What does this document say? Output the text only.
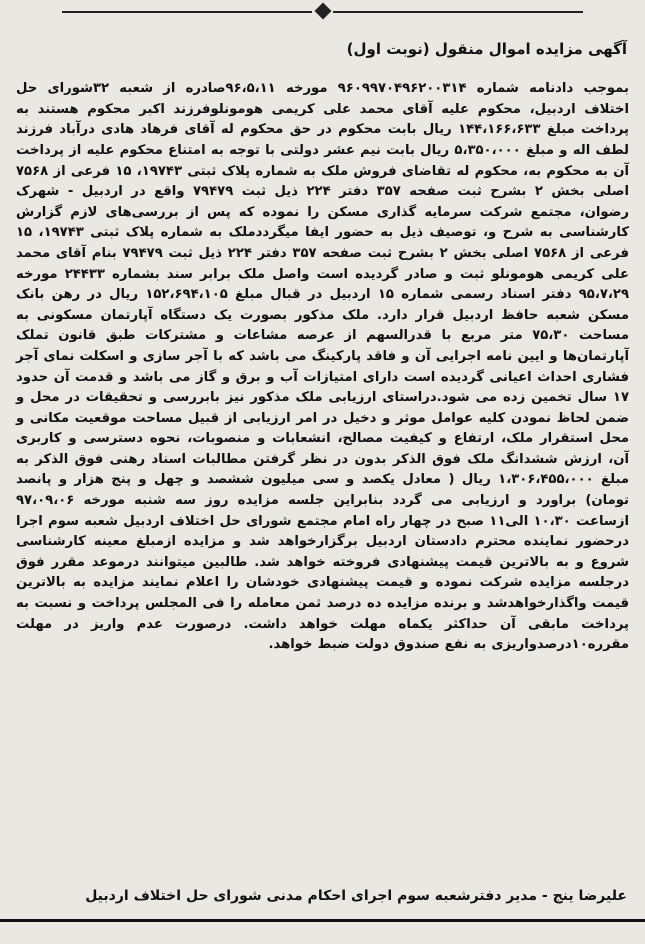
آگهی مزایده اموال منقول (نوبت اول)

بموجب دادنامه شماره ۹۶۰۹۹۷۰۴۹۶۲۰۰۳۱۴ مورخه ۹۶،۵،۱۱صادره از شعبه ۳۲شورای حل اختلاف اردبیل، محکوم علیه آقای محمد علی کریمی هومونلوفرزند اکبر محکوم هستند به پرداخت مبلغ ۱۴۴،۱۶۶،۶۳۳ ریال بابت محکوم در حق محکوم له آقای فرهاد هادی درآباد فرزند لطف اله و مبلغ ۵،۳۵۰،۰۰۰ ریال بابت نیم عشر دولتی با توجه به امتناع محکوم علیه از پرداخت آن به محکوم به، محکوم له تقاضای فروش ملک به شماره پلاک ثبتی ۱۹۷۴۳، ۱۵ فرعی از ۷۵۶۸ اصلی بخش ۲ بشرح ثبت صفحه ۳۵۷ دفتر ۲۲۴ ذیل ثبت ۷۹۴۷۹ واقع در اردبیل - شهرک رضوان، مجتمع شرکت سرمایه گذاری مسکن را نموده که پس از بررسی‌های لازم گزارش کارشناسی به شرح و، توصیف ذیل به حضور ایفا میگرددملک به شماره پلاک ثبتی ۱۹۷۴۳، ۱۵ فرعی از ۷۵۶۸ اصلی بخش ۲ بشرح ثبت صفحه ۳۵۷ دفتر ۲۲۴ ذیل ثبت ۷۹۴۷۹ بنام آقای محمد علی کریمی هومونلو ثبت و صادر گردیده است واصل ملک برابر سند بشماره ۲۴۴۳۳ مورخه ۹۵،۷،۲۹ دفتر اسناد رسمی شماره ۱۵ اردبیل در قبال مبلغ ۱۵۲،۶۹۴،۱۰۵ ریال در رهن بانک مسکن شعبه حافظ اردبیل قرار دارد. ملک مذکور بصورت یک دستگاه آپارتمان مسکونی به مساحت ۷۵،۳۰ متر مربع با قدرالسهم از عرصه مشاعات و مشترکات طبق قانون تملک آپارتمان‌ها و ایین نامه اجرایی آن و فاقد پارکینگ می باشد که با آجر سازی و اسکلت نمای آجر فشاری احداث اعیانی گردیده است دارای امتیازات آب و برق و گاز می باشد و قدمت آن حدود ۱۷ سال تخمین زده می شود.دراستای ارزیابی ملک مذکور نیز بابررسی و تحقیقات در محل و ضمن لحاظ نمودن کلیه عوامل موثر و دخیل در امر ارزیابی از قبیل مساحت موقعیت مکانی و محل استقرار ملک، ارتفاع و کیفیت مصالح، انشعابات و منصوبات، نحوه دسترسی و کاربری آن، ارزش ششدانگ ملک فوق الذکر بدون در نظر گرفتن مطالبات اسناد رهنی فوق الذکر به مبلغ ۱،۳۰۶،۴۵۵،۰۰۰ ریال ( معادل یکصد و سی میلیون ششصد و چهل و پنج هزار و پانصد تومان) براورد و ارزیابی می گردد بنابراین جلسه مزایده روز سه شنبه مورخه ۹۷،۰۹،۰۶ ازساعت ۱۰،۳۰ الی۱۱ صبح در چهار راه امام مجتمع شورای حل اختلاف اردبیل شعبه سوم اجرا درحضور نماینده محترم دادستان اردبیل برگزارخواهد شد و مزایده ازمبلغ معینه کارشناسی شروع و به بالاترین قیمت پیشنهادی فروخته خواهد شد. طالبین میتوانند درموعد مقرر فوق درجلسه مزایده شرکت نموده و قیمت پیشنهادی خودشان را اعلام نمایند مزایده به بالاترین قیمت واگذارخواهدشد و برنده مزایده ده درصد ثمن معامله را فی المجلس پرداخت و نسبت به پرداخت مابقی آن حداکثر یکماه مهلت خواهد داشت. درصورت عدم واریز در مهلت مقرره۱۰درصدواریزی به نفع صندوق دولت ضبط خواهد.

علیرضا ینج - مدیر دفترشعبه سوم اجرای احکام مدنی شورای حل اختلاف اردبیل
